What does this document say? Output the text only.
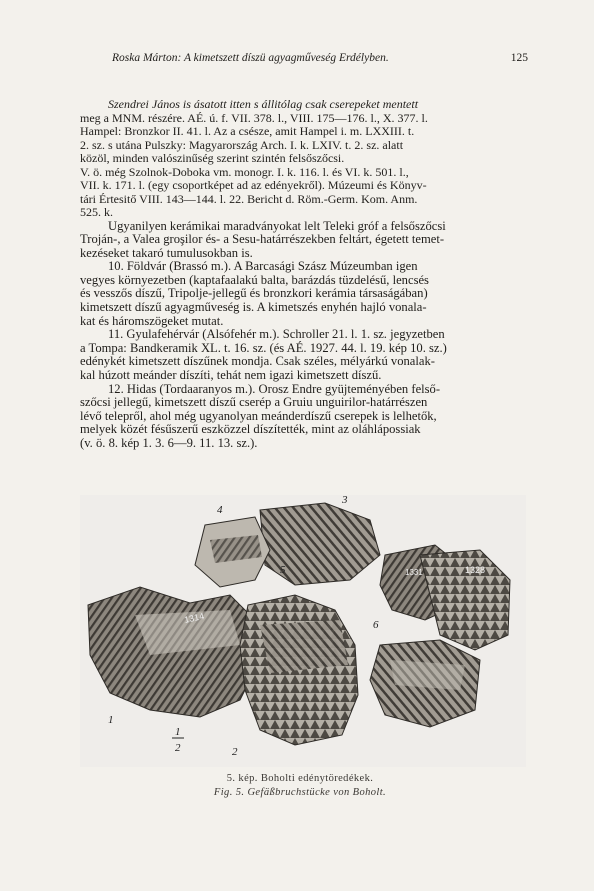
Roska Márton: A kimetszett díszü agyagműveség Erdélyben.	125

Szendrei János is ásatott itten s állitólag csak cserepeket mentett
meg a MNM. részére. AÉ. ú. f. VII. 378. l., VIII. 175—176. l., X. 377. l.
Hampel: Bronzkor II. 41. l. Az a csésze, amit Hampel i. m. LXXIII. t.
2. sz. s utána Pulszky: Magyarország Arch. I. k. LXIV. t. 2. sz. alatt
közöl, minden valószinűség szerint szintén felsőszőcsi.
V. ö. még Szolnok-Doboka vm. monogr. I. k. 116. l. és VI. k. 501. l.,
VII. k. 171. l. (egy csoportképet ad az edényekről). Múzeumi és Könyv-
tári Értesitő VIII. 143—144. l. 22. Bericht d. Röm.-Germ. Kom. Anm.
525. k.

Ugyanilyen kerámikai maradványokat lelt Teleki gróf a felsőszőcsi
Troján-, a Valea groşilor és- a Sesu-határrészekben feltárt, égetett temet-
kezéseket takaró tumulusokban is.

10. Földvár (Brassó m.). A Barcasági Szász Múzeumban igen
vegyes környezetben (kaptafaalakú balta, barázdás tüzdelésű, lencsés
és vesszős díszű, Tripolje-jellegű és bronzkori kerámia társaságában)
kimetszett díszű agyagműveség is. A kimetszés enyhén hajló vonala-
kat és háromszögeket mutat.

11. Gyulafehérvár (Alsófehér m.). Schroller 21. l. 1. sz. jegyzetben
a Tompa: Bandkeramik XL. t. 16. sz. (és AÉ. 1927. 44. l. 19. kép 10. sz.)
edénykét kimetszett díszűnek mondja. Csak széles, mélyárkú vonalak-
kal húzott meánder díszíti, tehát nem igazi kimetszett díszű.

12. Hidas (Tordaaranyos m.). Orosz Endre gyüjteményében felső-
szőcsi jellegű, kimetszett díszű cserép a Gruiu unguirilor-határrészen
lévő telepről, ahol még ugyanolyan meánderdíszű cserepek is lelhetők,
melyek közét fésűszerű eszközzel díszítették, mint az oláhlápossiak
(v. ö. 8. kép 1. 3. 6—9. 11. 13. sz.).

1314
1331	1328
1
1
2	2
3
4
5
6
5. kép. Boholti edénytöredékek.
Fig. 5. Gefäßbruchstücke von Boholt.
